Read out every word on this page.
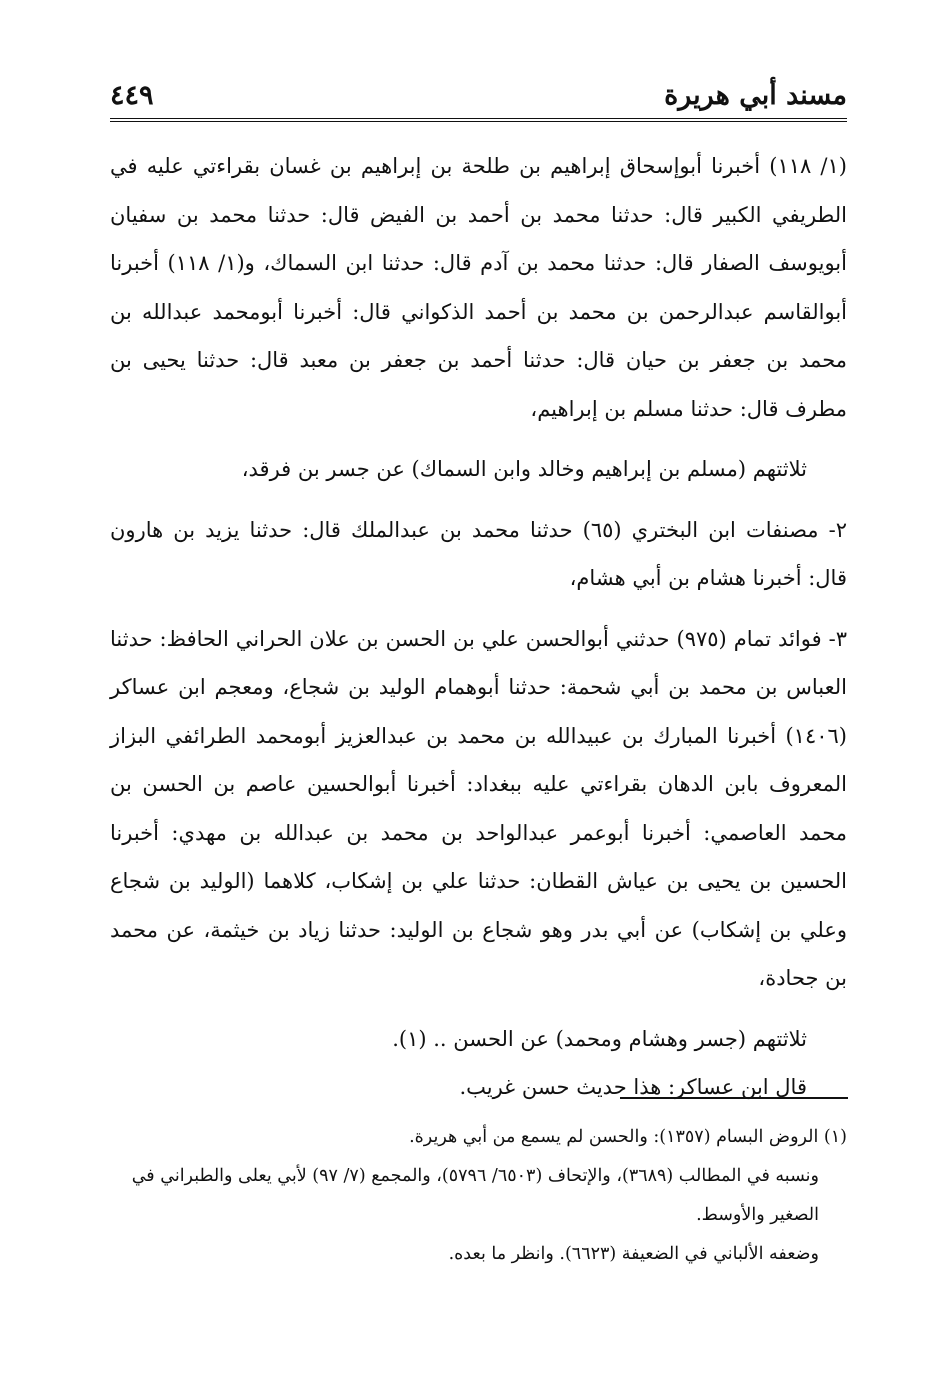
مسند أبي هريرة
٤٤٩

(١/ ١١٨) أخبرنا أبوإسحاق إبراهيم بن طلحة بن إبراهيم بن غسان بقراءتي عليه في الطريفي الكبير قال: حدثنا محمد بن أحمد بن الفيض قال: حدثنا محمد بن سفيان أبويوسف الصفار قال: حدثنا محمد بن آدم قال: حدثنا ابن السماك، و(١/ ١١٨) أخبرنا أبوالقاسم عبدالرحمن بن محمد بن أحمد الذكواني قال: أخبرنا أبومحمد عبدالله بن محمد بن جعفر بن حيان قال: حدثنا أحمد بن جعفر بن معبد قال: حدثنا يحيى بن مطرف قال: حدثنا مسلم بن إبراهيم،

ثلاثتهم (مسلم بن إبراهيم وخالد وابن السماك) عن جسر بن فرقد،

٢- مصنفات ابن البختري (٦٥) حدثنا محمد بن عبدالملك قال: حدثنا يزيد بن هارون قال: أخبرنا هشام بن أبي هشام،

٣- فوائد تمام (٩٧٥) حدثني أبوالحسن علي بن الحسن بن علان الحراني الحافظ: حدثنا العباس بن محمد بن أبي شحمة: حدثنا أبوهمام الوليد بن شجاع، ومعجم ابن عساكر (١٤٠٦) أخبرنا المبارك بن عبيدالله بن محمد بن عبدالعزيز أبومحمد الطرائفي البزاز المعروف بابن الدهان بقراءتي عليه ببغداد: أخبرنا أبوالحسين عاصم بن الحسن بن محمد العاصمي: أخبرنا أبوعمر عبدالواحد بن محمد بن عبدالله بن مهدي: أخبرنا الحسين بن يحيى بن عياش القطان: حدثنا علي بن إشكاب، كلاهما (الوليد بن شجاع وعلي بن إشكاب) عن أبي بدر وهو شجاع بن الوليد: حدثنا زياد بن خيثمة، عن محمد بن جحادة،

ثلاثتهم (جسر وهشام ومحمد) عن الحسن .. (١).

قال ابن عساكر: هذا حديث حسن غريب.

(١) الروض البسام (١٣٥٧): والحسن لم يسمع من أبي هريرة.

ونسبه في المطالب (٣٦٨٩)، والإتحاف (٦٥٠٣/ ٥٧٩٦)، والمجمع (٧/ ٩٧) لأبي يعلى والطبراني في الصغير والأوسط.

وضعفه الألباني في الضعيفة (٦٦٢٣). وانظر ما بعده.
